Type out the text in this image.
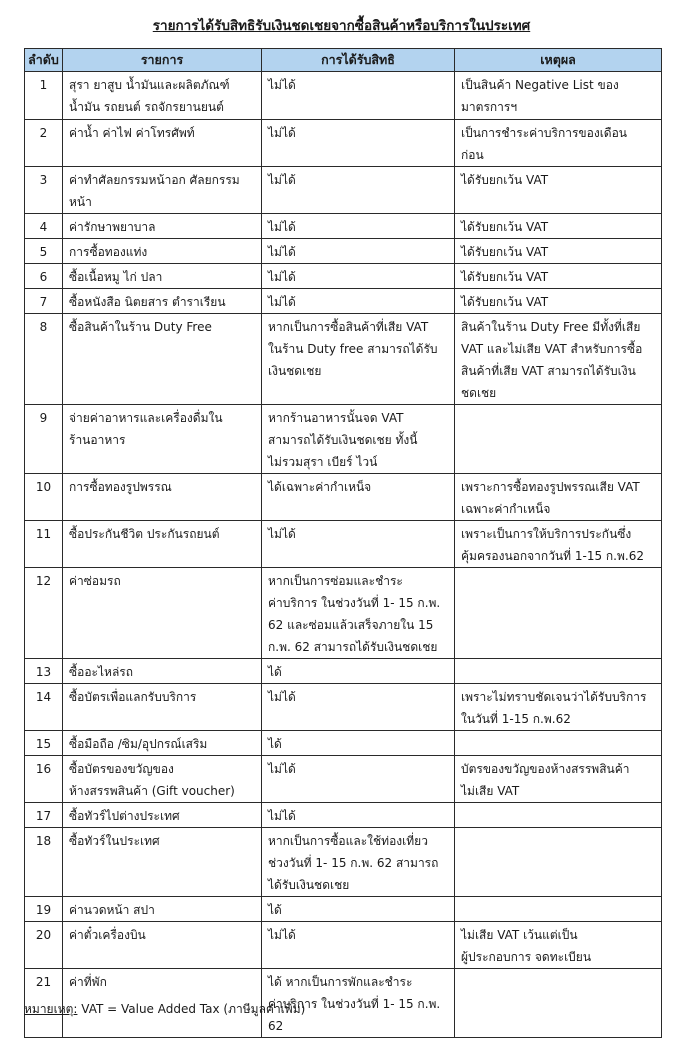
รายการได้รับสิทธิรับเงินชดเชยจากซื้อสินค้าหรือบริการในประเทศ
ลำดับ	รายการ	การได้รับสิทธิ	เหตุผล
1	สุรา ยาสูบ น้ำมันและผลิตภัณฑ์
น้ำมัน รถยนต์ รถจักรยานยนต์	ไม่ได้	เป็นสินค้า Negative List ของ
มาตรการฯ
2	ค่าน้ำ ค่าไฟ ค่าโทรศัพท์	ไม่ได้	เป็นการชำระค่าบริการของเดือน
ก่อน
3	ค่าทำศัลยกรรมหน้าอก ศัลยกรรม
หน้า	ไม่ได้	ได้รับยกเว้น VAT
4	ค่ารักษาพยาบาล	ไม่ได้	ได้รับยกเว้น VAT
5	การซื้อทองแท่ง	ไม่ได้	ได้รับยกเว้น VAT
6	ซื้อเนื้อหมู ไก่ ปลา	ไม่ได้	ได้รับยกเว้น VAT
7	ซื้อหนังสือ นิตยสาร ตำราเรียน	ไม่ได้	ได้รับยกเว้น VAT
8	ซื้อสินค้าในร้าน Duty Free	หากเป็นการซื้อสินค้าที่เสีย VAT
ในร้าน Duty free สามารถได้รับ
เงินชดเชย	สินค้าในร้าน Duty Free มีทั้งที่เสีย
VAT และไม่เสีย VAT สำหรับการซื้อ
สินค้าที่เสีย VAT สามารถได้รับเงิน
ชดเชย
9	จ่ายค่าอาหารและเครื่องดื่มใน
ร้านอาหาร	หากร้านอาหารนั้นจด VAT
สามารถได้รับเงินชดเชย ทั้งนี้
ไม่รวมสุรา เบียร์ ไวน์	
10	การซื้อทองรูปพรรณ	ได้เฉพาะค่ากำเหน็จ	เพราะการซื้อทองรูปพรรณเสีย VAT
เฉพาะค่ากำเหน็จ
11	ซื้อประกันชีวิต ประกันรถยนต์	ไม่ได้	เพราะเป็นการให้บริการประกันซึ่ง
คุ้มครองนอกจากวันที่ 1-15 ก.พ.62
12	ค่าซ่อมรถ	หากเป็นการซ่อมและชำระ
ค่าบริการ ในช่วงวันที่ 1- 15 ก.พ.
62 และซ่อมแล้วเสร็จภายใน 15
ก.พ. 62 สามารถได้รับเงินชดเชย	
13	ซื้ออะไหล่รถ	ได้	
14	ซื้อบัตรเพื่อแลกรับบริการ	ไม่ได้	เพราะไม่ทราบชัดเจนว่าได้รับบริการ
ในวันที่ 1-15 ก.พ.62
15	ซื้อมือถือ /ซิม/อุปกรณ์เสริม	ได้	
16	ซื้อบัตรของขวัญของ
ห้างสรรพสินค้า (Gift voucher)	ไม่ได้	บัตรของขวัญของห้างสรรพสินค้า
ไม่เสีย VAT
17	ซื้อทัวร์ไปต่างประเทศ	ไม่ได้	
18	ซื้อทัวร์ในประเทศ	หากเป็นการซื้อและใช้ท่องเที่ยว
ช่วงวันที่ 1- 15 ก.พ. 62 สามารถ
ได้รับเงินชดเชย	
19	ค่านวดหน้า สปา	ได้	
20	ค่าตั๋วเครื่องบิน	ไม่ได้	ไม่เสีย VAT เว้นแต่เป็น
ผู้ประกอบการ จดทะเบียน
21	ค่าที่พัก	ได้ หากเป็นการพักและชำระ
ค่าบริการ ในช่วงวันที่ 1- 15 ก.พ.
62	
หมายเหตุ: VAT = Value Added Tax (ภาษีมูลค่าเพิ่ม)
